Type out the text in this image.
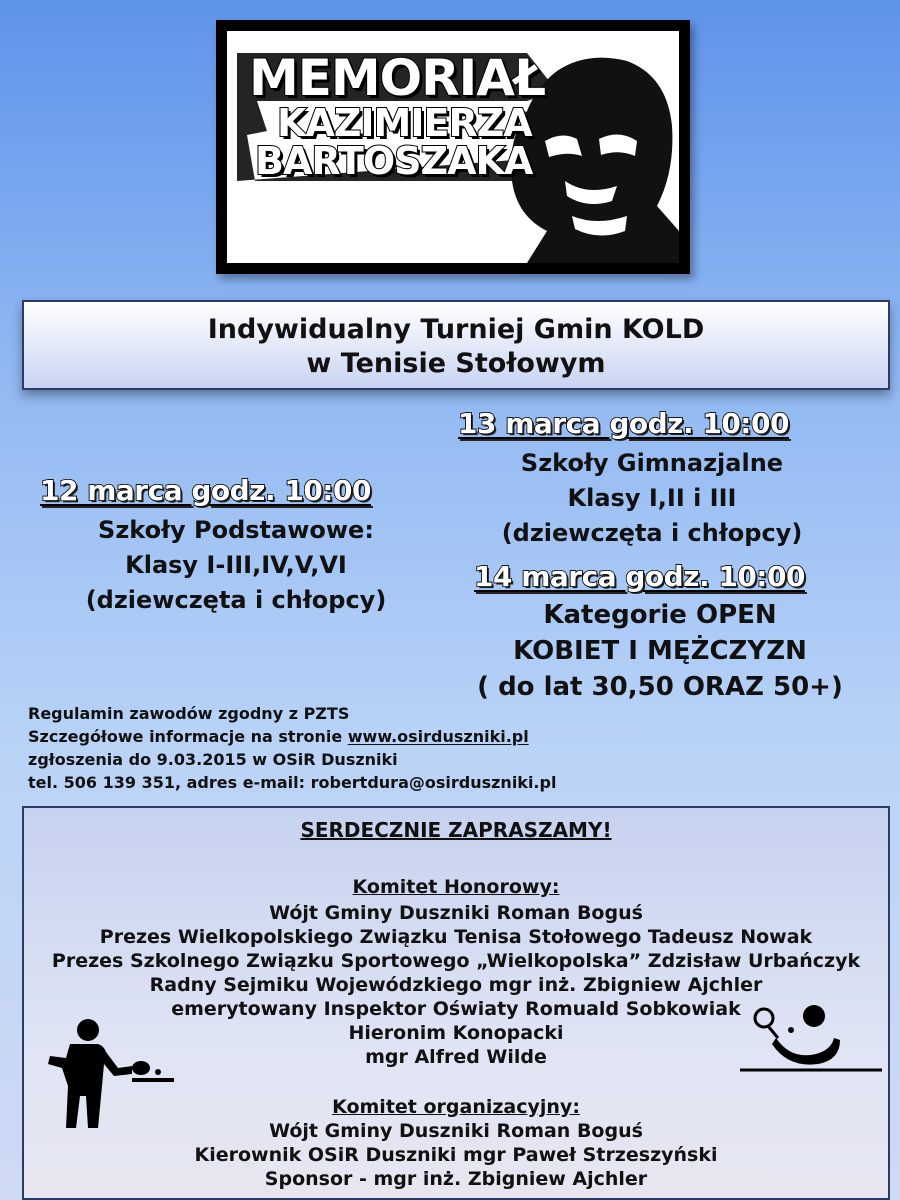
MEMORIAŁ
KAZIMIERZA
BARTOSZAKA
Indywidualny Turniej Gmin KOLD
w Tenisie Stołowym
13 marca godz. 10:00
Szkoły Gimnazjalne
Klasy I,II i III
(dziewczęta i chłopcy)
12 marca godz. 10:00
Szkoły Podstawowe:
Klasy I-III,IV,V,VI
(dziewczęta i chłopcy)
14 marca godz. 10:00
Kategorie OPEN
KOBIET I MĘŻCZYZN
( do lat 30,50 ORAZ 50+)
Regulamin zawodów zgodny z PZTS
Szczegółowe informacje na stronie www.osirduszniki.pl
zgłoszenia do 9.03.2015 w OSiR Duszniki
tel. 506 139 351, adres e-mail: robertdura@osirduszniki.pl
SERDECZNIE ZAPRASZAMY!
Komitet Honorowy:
Wójt Gminy Duszniki Roman Boguś
Prezes Wielkopolskiego Związku Tenisa Stołowego Tadeusz Nowak
Prezes Szkolnego Związku Sportowego „Wielkopolska” Zdzisław Urbańczyk
Radny Sejmiku Wojewódzkiego mgr inż. Zbigniew Ajchler
emerytowany Inspektor Oświaty Romuald Sobkowiak
Hieronim Konopacki
mgr Alfred Wilde
Komitet organizacyjny:
Wójt Gminy Duszniki Roman Boguś
Kierownik OSiR Duszniki mgr Paweł Strzeszyński
Sponsor - mgr inż. Zbigniew Ajchler
